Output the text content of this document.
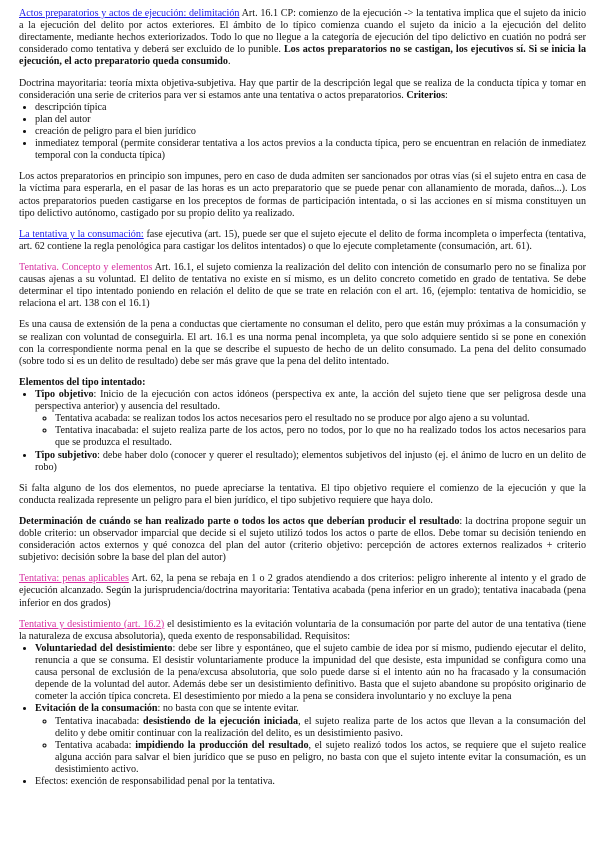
Actos preparatorios y actos de ejecución: delimitación Art. 16.1 CP: comienzo de la ejecución -> la tentativa implica que el sujeto da inicio a la ejecución del delito por actos exteriores. El ámbito de lo típico comienza cuando el sujeto da inicio a la ejecución del delito directamente, mediante hechos exteriorizados. Todo lo que no llegue a la categoría de ejecución del tipo delictivo en cuatión no podrá ser considerado como tentativa y deberá ser excluido de lo punible. Los actos preparatorios no se castigan, los ejecutivos sí. Si se inicia la ejecución, el acto preparatorio queda consumido.

Doctrina mayoritaria: teoría mixta objetiva-subjetiva. Hay que partir de la descripción legal que se realiza de la conducta típica y tomar en consideración una serie de criterios para ver si estamos ante una tentativa o actos preparatorios. Criterios:

• descripción típica
• plan del autor
• creación de peligro para el bien jurídico
• inmediatez temporal (permite considerar tentativa a los actos previos a la conducta típica, pero se encuentran en relación de inmediatez temporal con la conducta típica)

Los actos preparatorios en principio son impunes, pero en caso de duda admiten ser sancionados por otras vías (si el sujeto entra en casa de la víctima para esperarla, en el pasar de las horas es un acto preparatorio que se puede penar con allanamiento de morada, daños...). Los actos preparatorios pueden castigarse en los preceptos de formas de participación intentada, o si las acciones en sí misma constituyen un tipo delictivo autónomo, castigado por su propio delito ya realizado.

La tentativa y la consumación: fase ejecutiva (art. 15), puede ser que el sujeto ejecute el delito de forma incompleta o imperfecta (tentativa, art. 62 contiene la regla penológica para castigar los delitos intentados) o que lo ejecute completamente (consumación, art. 61).

Tentativa. Concepto y elementos Art. 16.1, el sujeto comienza la realización del delito con intención de consumarlo pero no se finaliza por causas ajenas a su voluntad. El delito de tentativa no existe en sí mismo, es un delito concreto cometido en grado de tentativa. Se debe determinar el tipo intentado poniendo en relación el delito de que se trate en relación con el art. 16, (ejemplo: tentativa de homicidio, se relaciona el art. 138 con el 16.1)

Es una causa de extensión de la pena a conductas que ciertamente no consuman el delito, pero que están muy próximas a la consumación y se realizan con voluntad de conseguirla. El art. 16.1 es una norma penal incompleta, ya que solo adquiere sentido si se pone en conexión con la correspondiente norma penal en la que se describe el supuesto de hecho de un delito consumado. La pena del delito consumado (sobre todo si es un delito de resultado) debe ser más grave que la pena del delito intentado.

Elementos del tipo intentado:

• Tipo objetivo: Inicio de la ejecución con actos idóneos (perspectiva ex ante, la acción del sujeto tiene que ser peligrosa desde una perspectiva anterior) y ausencia del resultado.
◦ Tentativa acabada: se realizan todos los actos necesarios pero el resultado no se produce por algo ajeno a su voluntad.
◦ Tentativa inacabada: el sujeto realiza parte de los actos, pero no todos, por lo que no ha realizado todos los actos necesarios para que se produzca el resultado.
• Tipo subjetivo: debe haber dolo (conocer y querer el resultado); elementos subjetivos del injusto (ej. el ánimo de lucro en un delito de robo)

Si falta alguno de los dos elementos, no puede apreciarse la tentativa. El tipo objetivo requiere el comienzo de la ejecución y que la conducta realizada represente un peligro para el bien jurídico, el tipo subjetivo requiere que haya dolo.

Determinación de cuándo se han realizado parte o todos los actos que deberían producir el resultado: la doctrina propone seguir un doble criterio: un observador imparcial que decide si el sujeto utilizó todos los actos o parte de ellos. Debe tomar su decisión teniendo en consideración actos externos y qué conozca del plan del autor (criterio objetivo: percepción de actores externos realizados + criterio subjetivo: decisión sobre la base del plan del autor)

Tentativa: penas aplicables Art. 62, la pena se rebaja en 1 o 2 grados atendiendo a dos criterios: peligro inherente al intento y el grado de ejecución alcanzado. Según la jurisprudencia/doctrina mayoritaria: Tentativa acabada (pena inferior en un grado); tentativa inacabada (pena inferior en dos grados)

Tentativa y desistimiento (art. 16.2) el desistimiento es la evitación voluntaria de la consumación por parte del autor de una tentativa (tiene la naturaleza de excusa absolutoria), queda exento de responsabilidad. Requisitos:

• Voluntariedad del desistimiento: debe ser libre y espontáneo, que el sujeto cambie de idea por sí mismo, pudiendo ejecutar el delito, renuncia a que se consuma. El desistir voluntariamente produce la impunidad del que desiste, esta impunidad se configura como una causa personal de exclusión de la pena/excusa absolutoria, que solo puede darse si el intento aún no ha fracasado y la consumación depende de la voluntad del autor. Además debe ser un desistimiento definitivo. Basta que el sujeto abandone su propósito originario de cometer la acción típica concreta. El desestimiento por miedo a la pena se considera involuntario y no excluye la pena
• Evitación de la consumación: no basta con que se intente evitar.
◦ Tentativa inacabada: desistiendo de la ejecución iniciada, el sujeto realiza parte de los actos que llevan a la consumación del delito y debe omitir continuar con la realización del delito, es un desistimiento pasivo.
◦ Tentativa acabada: impidiendo la producción del resultado, el sujeto realizó todos los actos, se requiere que el sujeto realice alguna acción para salvar el bien jurídico que se puso en peligro, no basta con que el sujeto intente evitar la consumación, es un desistimiento activo.
• Efectos: exención de responsabilidad penal por la tentativa.
